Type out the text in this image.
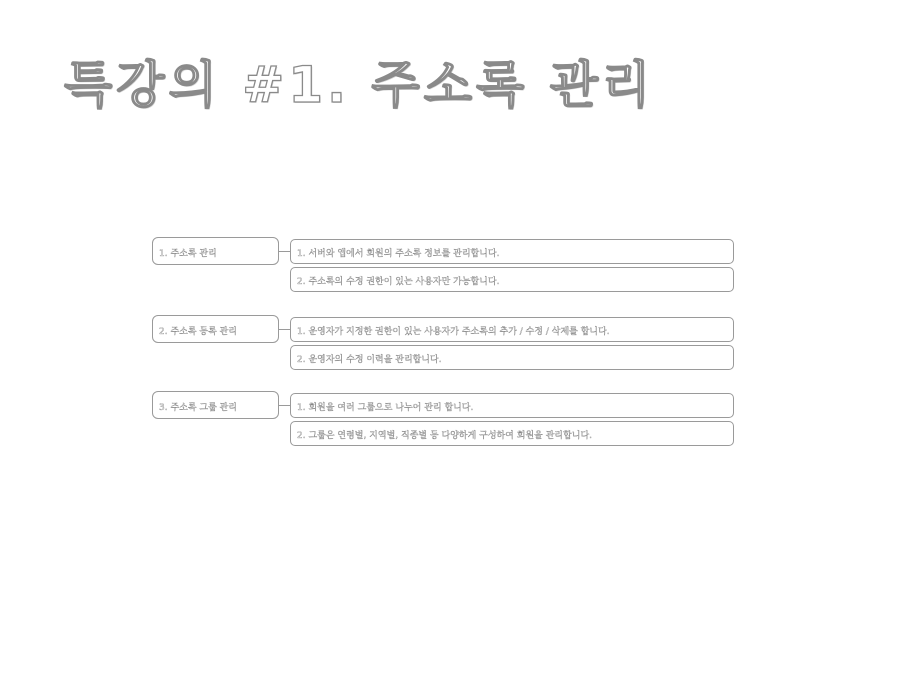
특강의 #1. 주소록 관리
1. 주소록 관리	1. 서버와 앱에서 회원의 주소록 정보를 관리합니다.
2. 주소록의 수정 권한이 있는 사용자만 가능합니다.
2. 주소록 등록 관리	1. 운영자가 지정한 권한이 있는 사용자가 주소록의 추가 / 수정 / 삭제를 합니다.
2. 운영자의 수정 이력을 관리합니다.
3. 주소록 그룹 관리	1. 회원을 여러 그룹으로 나누어 관리 합니다.
2. 그룹은 연령별, 지역별, 직종별 등 다양하게 구성하여 회원을 관리합니다.
